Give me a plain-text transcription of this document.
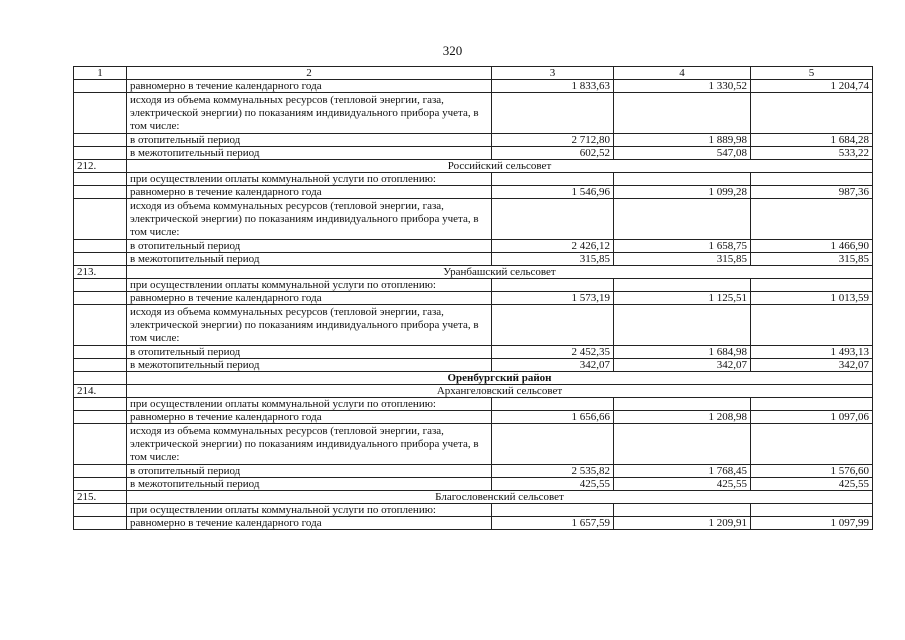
320
1	2	3	4	5
	равномерно в течение календарного года	1 833,63	1 330,52	1 204,74
	исходя из объема коммунальных ресурсов (тепловой энергии, газа, электрической энергии) по показаниям индивидуального прибора учета, в том числе:			
	в отопительный период	2 712,80	1 889,98	1 684,28
	в межотопительный период	602,52	547,08	533,22
212.	Российский сельсовет			
	при осуществлении оплаты коммунальной услуги по отоплению:			
	равномерно в течение календарного года	1 546,96	1 099,28	987,36
	исходя из объема коммунальных ресурсов (тепловой энергии, газа, электрической энергии) по показаниям индивидуального прибора учета, в том числе:			
	в отопительный период	2 426,12	1 658,75	1 466,90
	в межотопительный период	315,85	315,85	315,85
213.	Уранбашский сельсовет			
	при осуществлении оплаты коммунальной услуги по отоплению:			
	равномерно в течение календарного года	1 573,19	1 125,51	1 013,59
	исходя из объема коммунальных ресурсов (тепловой энергии, газа, электрической энергии) по показаниям индивидуального прибора учета, в том числе:			
	в отопительный период	2 452,35	1 684,98	1 493,13
	в межотопительный период	342,07	342,07	342,07
	Оренбургский район			
214.	Архангеловский сельсовет			
	при осуществлении оплаты коммунальной услуги по отоплению:			
	равномерно в течение календарного года	1 656,66	1 208,98	1 097,06
	исходя из объема коммунальных ресурсов (тепловой энергии, газа, электрической энергии) по показаниям индивидуального прибора учета, в том числе:			
	в отопительный период	2 535,82	1 768,45	1 576,60
	в межотопительный период	425,55	425,55	425,55
215.	Благословенский сельсовет			
	при осуществлении оплаты коммунальной услуги по отоплению:			
	равномерно в течение календарного года	1 657,59	1 209,91	1 097,99
